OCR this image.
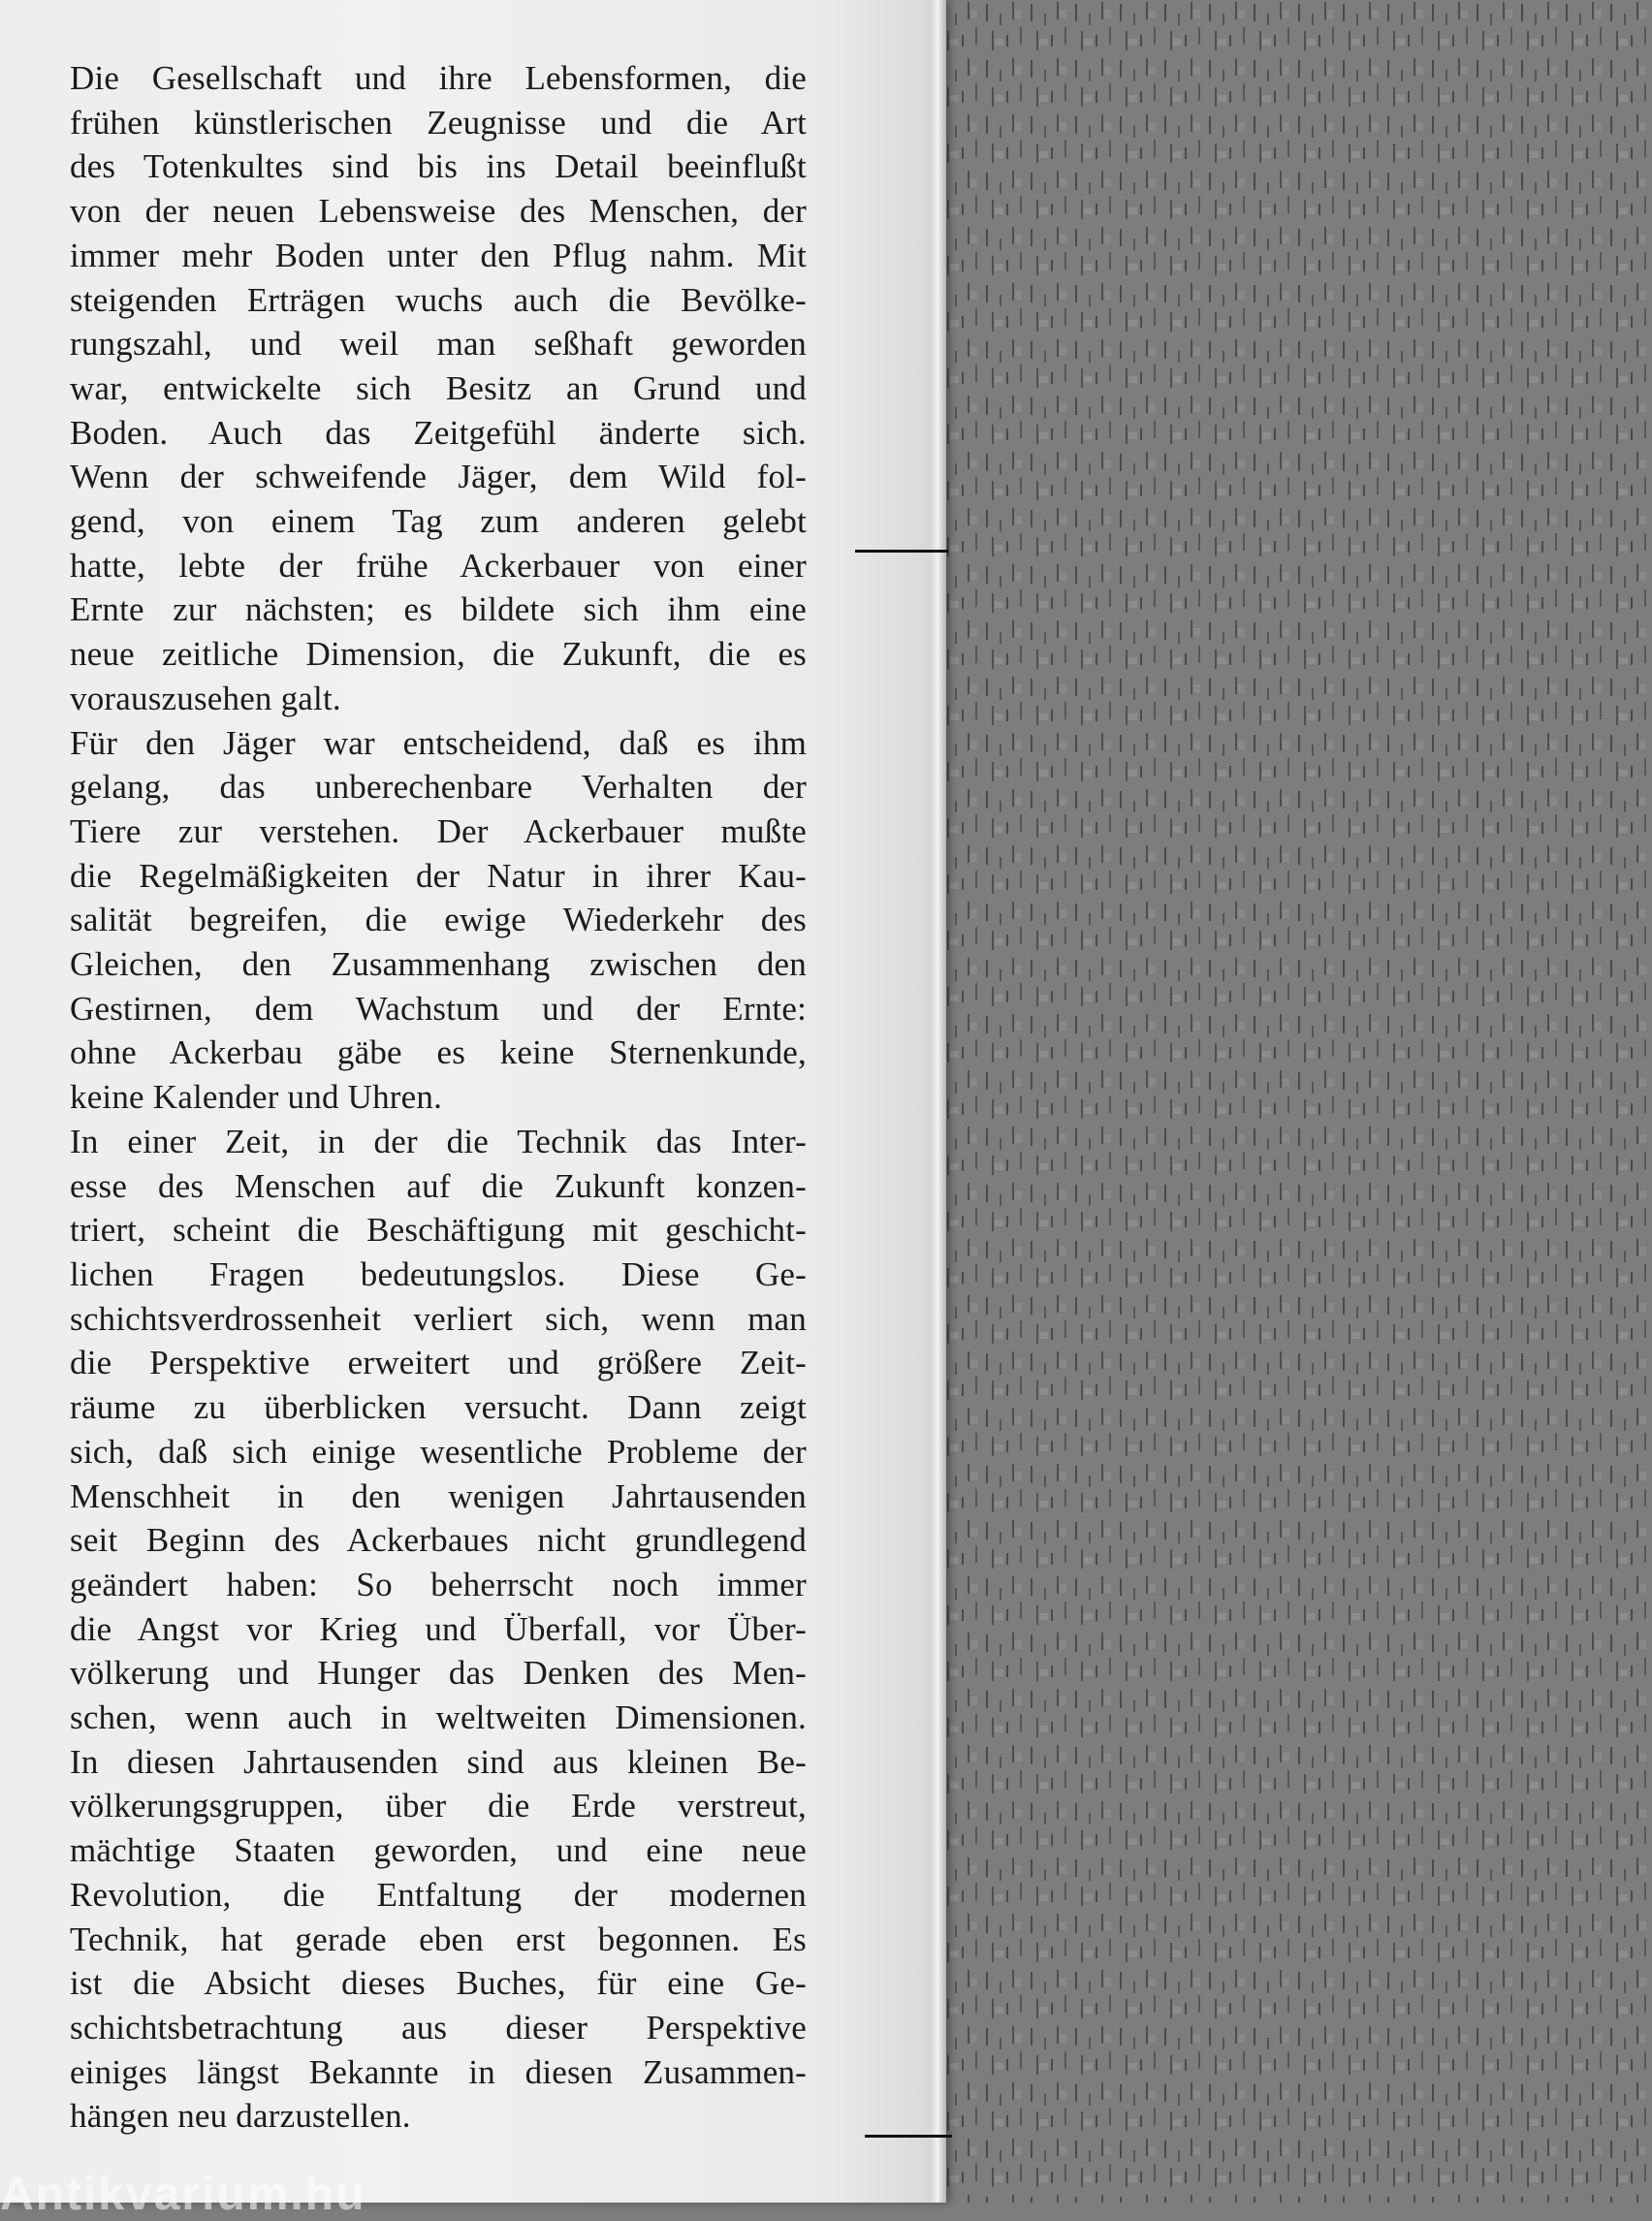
Die Gesellschaft und ihre Lebensformen, die
frühen künstlerischen Zeugnisse und die Art
des Totenkultes sind bis ins Detail beeinflußt
von der neuen Lebensweise des Menschen, der
immer mehr Boden unter den Pflug nahm. Mit
steigenden Erträgen wuchs auch die Bevölke-
rungszahl, und weil man seßhaft geworden
war, entwickelte sich Besitz an Grund und
Boden. Auch das Zeitgefühl änderte sich.
Wenn der schweifende Jäger, dem Wild fol-
gend, von einem Tag zum anderen gelebt
hatte, lebte der frühe Ackerbauer von einer
Ernte zur nächsten; es bildete sich ihm eine
neue zeitliche Dimension, die Zukunft, die es
vorauszusehen galt.
Für den Jäger war entscheidend, daß es ihm
gelang, das unberechenbare Verhalten der
Tiere zur verstehen. Der Ackerbauer mußte
die Regelmäßigkeiten der Natur in ihrer Kau-
salität begreifen, die ewige Wiederkehr des
Gleichen, den Zusammenhang zwischen den
Gestirnen, dem Wachstum und der Ernte:
ohne Ackerbau gäbe es keine Sternenkunde,
keine Kalender und Uhren.
In einer Zeit, in der die Technik das Inter-
esse des Menschen auf die Zukunft konzen-
triert, scheint die Beschäftigung mit geschicht-
lichen Fragen bedeutungslos. Diese Ge-
schichtsverdrossenheit verliert sich, wenn man
die Perspektive erweitert und größere Zeit-
räume zu überblicken versucht. Dann zeigt
sich, daß sich einige wesentliche Probleme der
Menschheit in den wenigen Jahrtausenden
seit Beginn des Ackerbaues nicht grundlegend
geändert haben: So beherrscht noch immer
die Angst vor Krieg und Überfall, vor Über-
völkerung und Hunger das Denken des Men-
schen, wenn auch in weltweiten Dimensionen.
In diesen Jahrtausenden sind aus kleinen Be-
völkerungsgruppen, über die Erde verstreut,
mächtige Staaten geworden, und eine neue
Revolution, die Entfaltung der modernen
Technik, hat gerade eben erst begonnen. Es
ist die Absicht dieses Buches, für eine Ge-
schichtsbetrachtung aus dieser Perspektive
einiges längst Bekannte in diesen Zusammen-
hängen neu darzustellen.
Antikvarium.hu
